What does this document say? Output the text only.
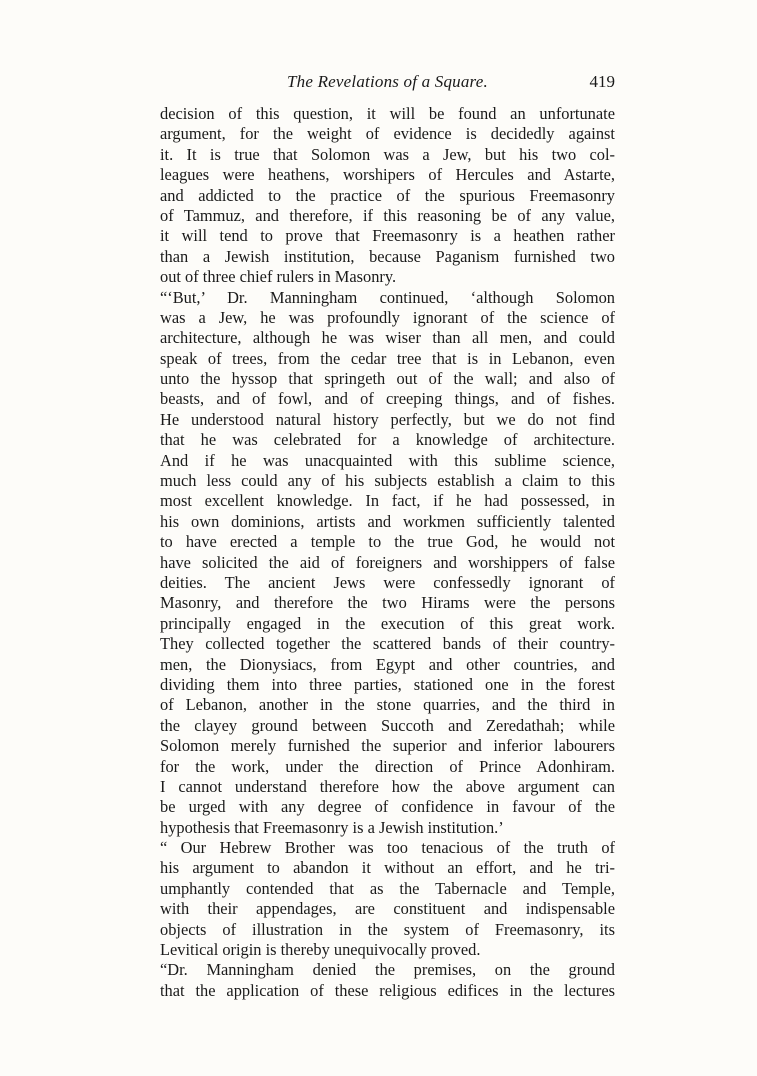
The Revelations of a Square.	419
decision of this question, it will be found an unfortunate
argument, for the weight of evidence is decidedly against
it. It is true that Solomon was a Jew, but his two col-
leagues were heathens, worshipers of Hercules and Astarte,
and addicted to the practice of the spurious Freemasonry
of Tammuz, and therefore, if this reasoning be of any value,
it will tend to prove that Freemasonry is a heathen rather
than a Jewish institution, because Paganism furnished two
out of three chief rulers in Masonry.
“‘But,’ Dr. Manningham continued, ‘although Solomon
was a Jew, he was profoundly ignorant of the science of
architecture, although he was wiser than all men, and could
speak of trees, from the cedar tree that is in Lebanon, even
unto the hyssop that springeth out of the wall; and also of
beasts, and of fowl, and of creeping things, and of fishes.
He understood natural history perfectly, but we do not find
that he was celebrated for a knowledge of architecture.
And if he was unacquainted with this sublime science,
much less could any of his subjects establish a claim to this
most excellent knowledge. In fact, if he had possessed, in
his own dominions, artists and workmen sufficiently talented
to have erected a temple to the true God, he would not
have solicited the aid of foreigners and worshippers of false
deities. The ancient Jews were confessedly ignorant of
Masonry, and therefore the two Hirams were the persons
principally engaged in the execution of this great work.
They collected together the scattered bands of their country-
men, the Dionysiacs, from Egypt and other countries, and
dividing them into three parties, stationed one in the forest
of Lebanon, another in the stone quarries, and the third in
the clayey ground between Succoth and Zeredathah; while
Solomon merely furnished the superior and inferior labourers
for the work, under the direction of Prince Adonhiram.
I cannot understand therefore how the above argument can
be urged with any degree of confidence in favour of the
hypothesis that Freemasonry is a Jewish institution.’
“ Our Hebrew Brother was too tenacious of the truth of
his argument to abandon it without an effort, and he tri-
umphantly contended that as the Tabernacle and Temple,
with their appendages, are constituent and indispensable
objects of illustration in the system of Freemasonry, its
Levitical origin is thereby unequivocally proved.
“Dr. Manningham denied the premises, on the ground
that the application of these religious edifices in the lectures
